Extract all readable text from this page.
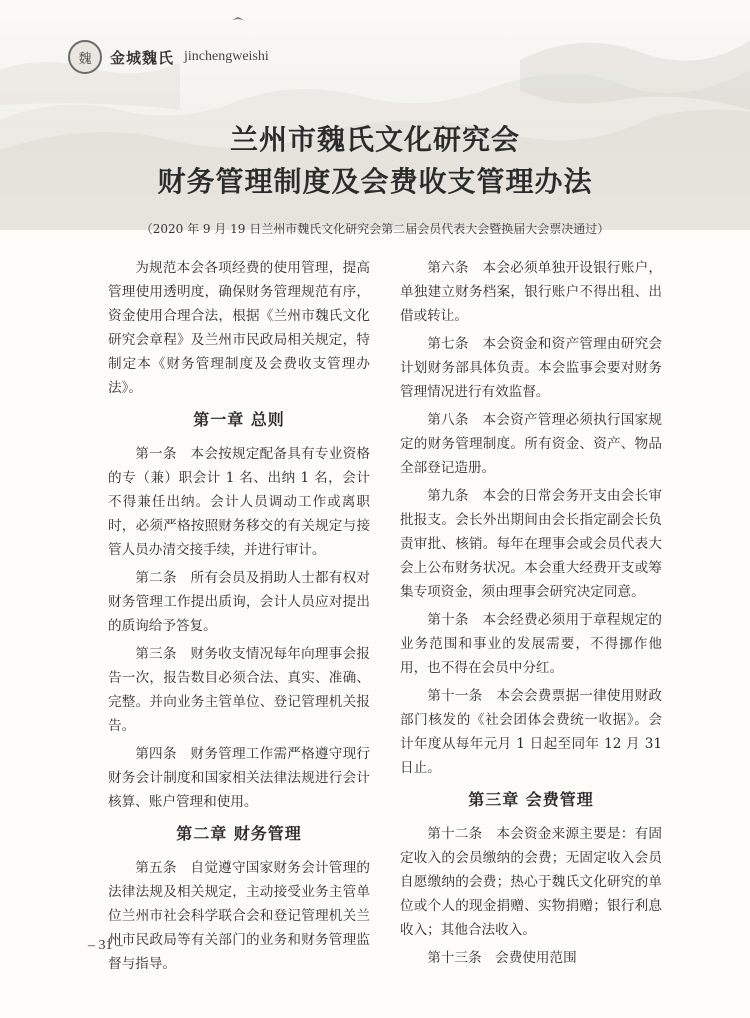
魏 金城魏氏 jinchengweishi
兰州市魏氏文化研究会
财务管理制度及会费收支管理办法
（2020 年 9 月 19 日兰州市魏氏文化研究会第二届会员代表大会暨换届大会票决通过）
为规范本会各项经费的使用管理，提高管理使用透明度，确保财务管理规范有序，资金使用合理合法，根据《兰州市魏氏文化研究会章程》及兰州市民政局相关规定，特制定本《财务管理制度及会费收支管理办法》。
第一章 总则
第一条　本会按规定配备具有专业资格的专（兼）职会计 1 名、出纳 1 名，会计不得兼任出纳。会计人员调动工作或离职时，必须严格按照财务移交的有关规定与接管人员办清交接手续，并进行审计。
第二条　所有会员及捐助人士都有权对财务管理工作提出质询，会计人员应对提出的质询给予答复。
第三条　财务收支情况每年向理事会报告一次，报告数目必须合法、真实、准确、完整。并向业务主管单位、登记管理机关报告。
第四条　财务管理工作需严格遵守现行财务会计制度和国家相关法律法规进行会计核算、账户管理和使用。
第二章 财务管理
第五条　自觉遵守国家财务会计管理的法律法规及相关规定，主动接受业务主管单位兰州市社会科学联合会和登记管理机关兰州市民政局等有关部门的业务和财务管理监督与指导。
第六条　本会必须单独开设银行账户，单独建立财务档案，银行账户不得出租、出借或转让。
第七条　本会资金和资产管理由研究会计划财务部具体负责。本会监事会要对财务管理情况进行有效监督。
第八条　本会资产管理必须执行国家规定的财务管理制度。所有资金、资产、物品全部登记造册。
第九条　本会的日常会务开支由会长审批报支。会长外出期间由会长指定副会长负责审批、核销。每年在理事会或会员代表大会上公布财务状况。本会重大经费开支或筹集专项资金，须由理事会研究决定同意。
第十条　本会经费必须用于章程规定的业务范围和事业的发展需要，不得挪作他用，也不得在会员中分红。
第十一条　本会会费票据一律使用财政部门核发的《社会团体会费统一收据》。会计年度从每年元月 1 日起至同年 12 月 31 日止。
第三章 会费管理
第十二条　本会资金来源主要是：有固定收入的会员缴纳的会费；无固定收入会员自愿缴纳的会费；热心于魏氏文化研究的单位或个人的现金捐赠、实物捐赠；银行利息收入；其他合法收入。
第十三条　会费使用范围
– 31 –
